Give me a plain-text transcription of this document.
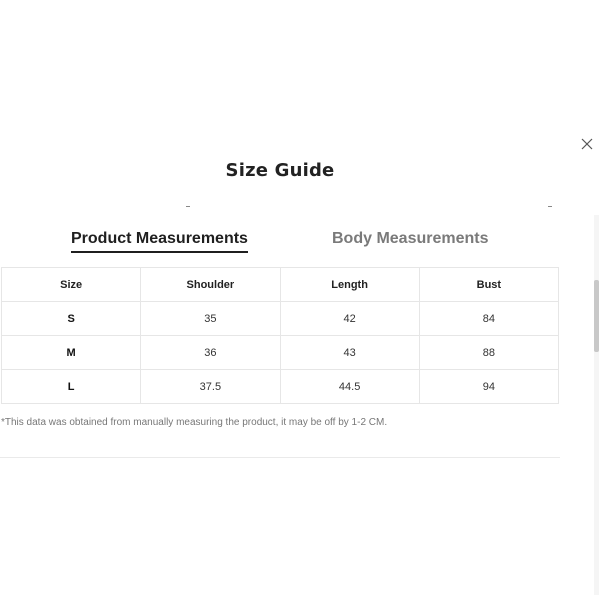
Size Guide
Product Measurements	Body Measurements
Size	Shoulder	Length	Bust
S	35	42	84
M	36	43	88
L	37.5	44.5	94
*This data was obtained from manually measuring the product, it may be off by 1-2 CM.
